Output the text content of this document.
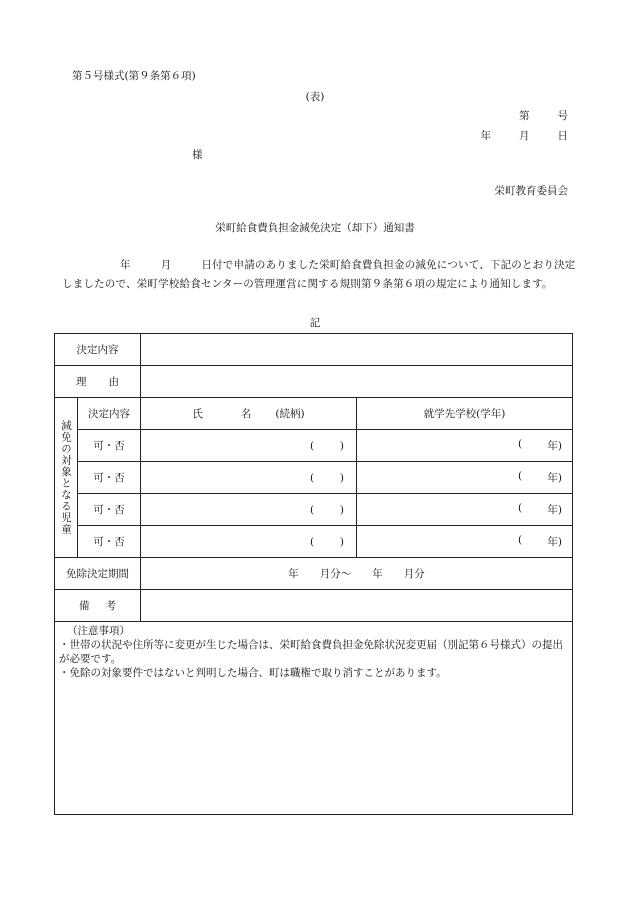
第５号様式(第９条第６項)
(表)
第	号
年	月	日
様
栄町教育委員会
栄町給食費負担金減免決定（却下）通知書
年	月	日付で申請のありました栄町給食費負担金の減免について、下記のとおり決定しましたので、栄町学校給食センターの管理運営に関する規則第９条第６項の規定により通知します。
記
決定内容			
理由			

減免の対象となる児童	決定内容	氏 名 (続柄)	就学先学校(学年)
	可・否	( )	( 年)

	可・否	( )	( 年)

	可・否	( )	( 年)

	可・否	( )	( 年)

免除決定期間		年　　月分～　　年　　月分	
備考			

（注意事項）
・世帯の状況や住所等に変更が生じた場合は、栄町給食費負担金免除状況変更届（別記第６号様式）の提出が必要です。
・免除の対象要件ではないと判明した場合、町は職権で取り消すことがあります。			
